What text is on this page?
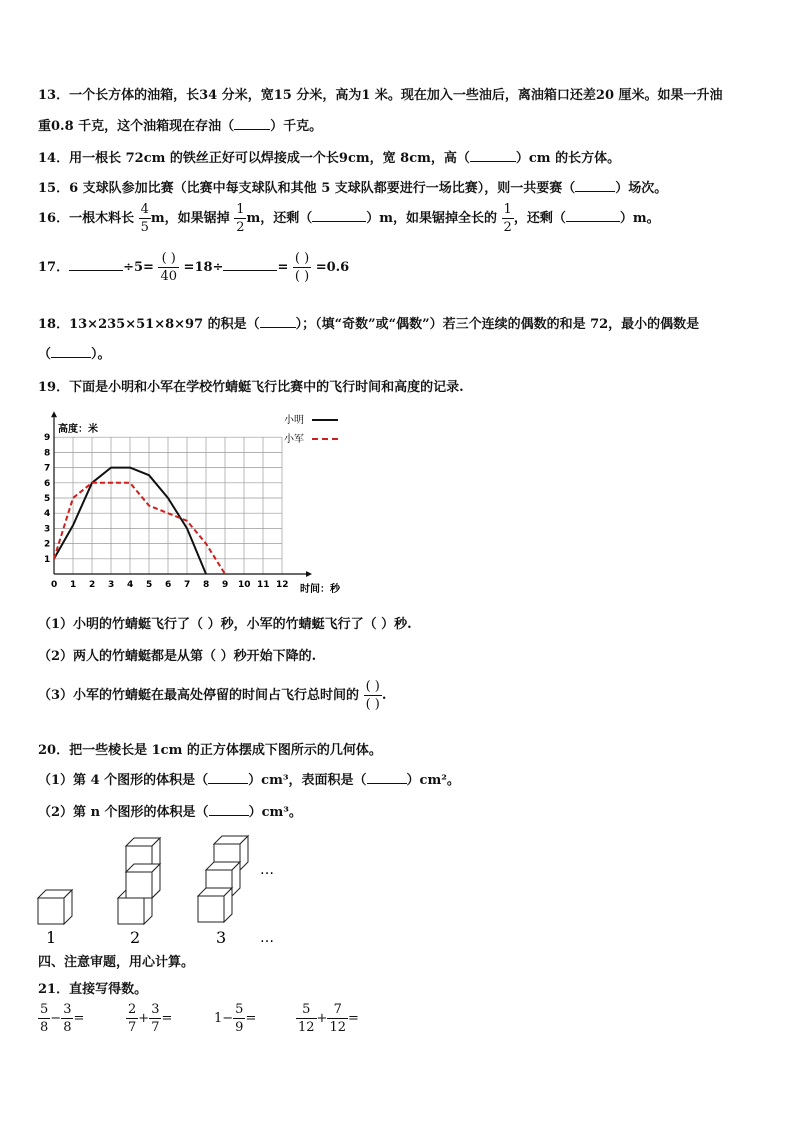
13．一个长方体的油箱，长34 分米，宽15 分米，高为1 米。现在加入一些油后，离油箱口还差20 厘米。如果一升油
重0.8 千克，这个油箱现在存油（	）千克。
14．用一根长 72cm 的铁丝正好可以焊接成一个长9cm，宽 8cm，高（	）cm 的长方体。
15．6 支球队参加比赛（比赛中每支球队和其他 5 支球队都要进行一场比赛），则一共要赛（	）场次。
16．一根木料长 $\frac{4}{5}$ m，如果锯掉 $\frac{1}{2}$ m，还剩（	）m，如果锯掉全长的 $\frac{1}{2}$ ，还剩（	）m。
17．	$\div 5= \frac{( )}{40} =18\div$	= $\frac{( )}{( )} =0.6$
18．13×235×51×8×97 的积是（	）；（填“奇数”或“偶数”）若三个连续的偶数的和是 72，最小的偶数是
（	）。
19．下面是小明和小军在学校竹蜻蜓飞行比赛中的飞行时间和高度的记录.
0 1 2 3 4 5 6 7 8 9 10 11 12
1
2
3
4
5
6
7
8
9
高度：米
时间：秒
小明
小军
（1）小明的竹蜻蜓飞行了（ ）秒，小军的竹蜻蜓飞行了（ ）秒.
（2）两人的竹蜻蜓都是从第（ ）秒开始下降的.
（3）小军的竹蜻蜓在最高处停留的时间占飞行总时间的 $\frac{( )}{( )}$ .
20．把一些棱长是 1cm 的正方体摆成下图所示的几何体。
（1）第 4 个图形的体积是（	）cm³，表面积是（	）cm²。
（2）第 n 个图形的体积是（	）cm³。
1	2	3
…
…
四、注意审题，用心计算。
21．直接写得数。
$\frac{5}{8} - \frac{3}{8}$ =	$\frac{2}{7} + \frac{3}{7}$ =	$1- \frac{5}{9}$ =	$\frac{5}{12} + \frac{7}{12}$ =
